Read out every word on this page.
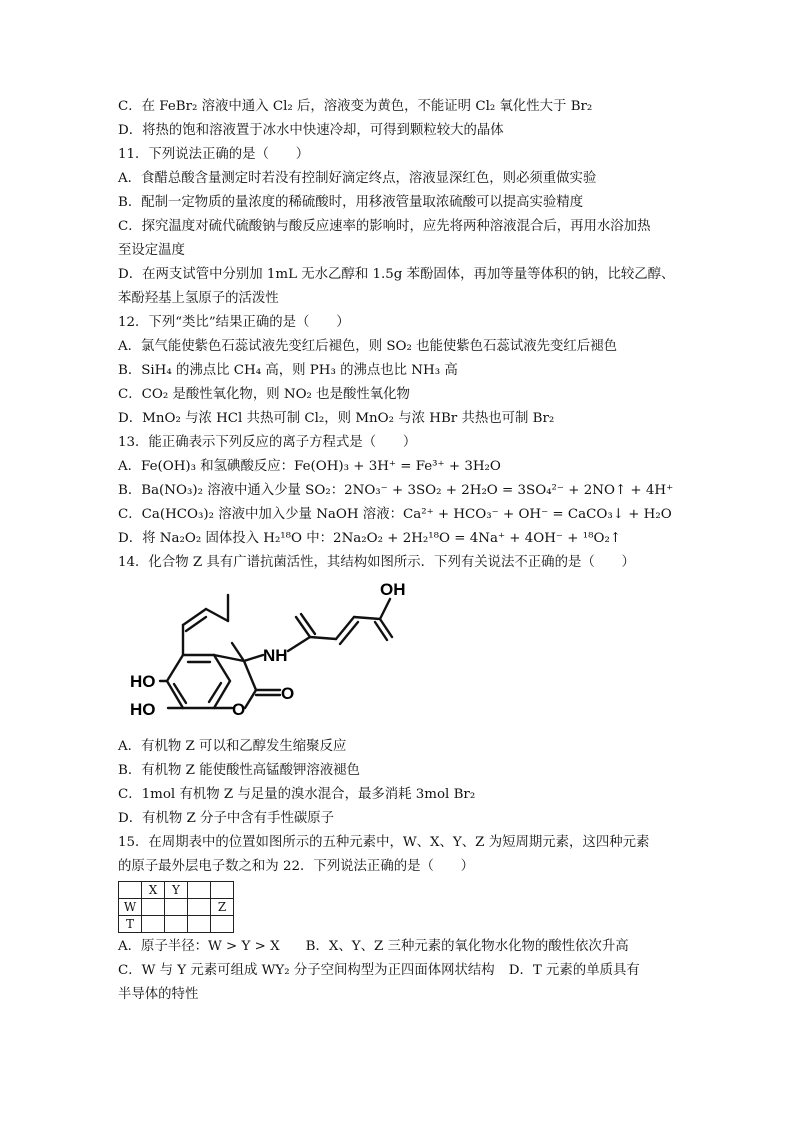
C．在 FeBr₂ 溶液中通入 Cl₂ 后，溶液变为黄色，不能证明 Cl₂ 氧化性大于 Br₂
D．将热的饱和溶液置于冰水中快速冷却，可得到颗粒较大的晶体
11．下列说法正确的是（　　）
A．食醋总酸含量测定时若没有控制好滴定终点，溶液显深红色，则必须重做实验
B．配制一定物质的量浓度的稀硫酸时，用移液管量取浓硫酸可以提高实验精度
C．探究温度对硫代硫酸钠与酸反应速率的影响时，应先将两种溶液混合后，再用水浴加热
至设定温度
D．在两支试管中分别加 1mL 无水乙醇和 1.5g 苯酚固体，再加等量等体积的钠，比较乙醇、
苯酚羟基上氢原子的活泼性
12．下列“类比”结果正确的是（　　）
A．氯气能使紫色石蕊试液先变红后褪色，则 SO₂ 也能使紫色石蕊试液先变红后褪色
B．SiH₄ 的沸点比 CH₄ 高，则 PH₃ 的沸点也比 NH₃ 高
C．CO₂ 是酸性氧化物，则 NO₂ 也是酸性氧化物
D．MnO₂ 与浓 HCl 共热可制 Cl₂，则 MnO₂ 与浓 HBr 共热也可制 Br₂
13．能正确表示下列反应的离子方程式是（　　）
A．Fe(OH)₃ 和氢碘酸反应：Fe(OH)₃ + 3H⁺ = Fe³⁺ + 3H₂O
B．Ba(NO₃)₂ 溶液中通入少量 SO₂：2NO₃⁻ + 3SO₂ + 2H₂O = 3SO₄²⁻ + 2NO↑ + 4H⁺
C．Ca(HCO₃)₂ 溶液中加入少量 NaOH 溶液：Ca²⁺ + HCO₃⁻ + OH⁻ = CaCO₃↓ + H₂O
D．将 Na₂O₂ 固体投入 H₂¹⁸O 中：2Na₂O₂ + 2H₂¹⁸O = 4Na⁺ + 4OH⁻ + ¹⁸O₂↑
14．化合物 Z 具有广谱抗菌活性，其结构如图所示．下列有关说法不正确的是（　　）
OH
NH
HO
HO	O
O
A．有机物 Z 可以和乙醇发生缩聚反应
B．有机物 Z 能使酸性高锰酸钾溶液褪色
C．1mol 有机物 Z 与足量的溴水混合，最多消耗 3mol Br₂
D．有机物 Z 分子中含有手性碳原子
15．在周期表中的位置如图所示的五种元素中，W、X、Y、Z 为短周期元素，这四种元素
的原子最外层电子数之和为 22．下列说法正确的是（　　）
	X	Y		
W				Z
T				
A．原子半径：W > Y > X B．X、Y、Z 三种元素的氧化物水化物的酸性依次升高
C．W 与 Y 元素可组成 WY₂ 分子空间构型为正四面体网状结构 D．T 元素的单质具有
半导体的特性
